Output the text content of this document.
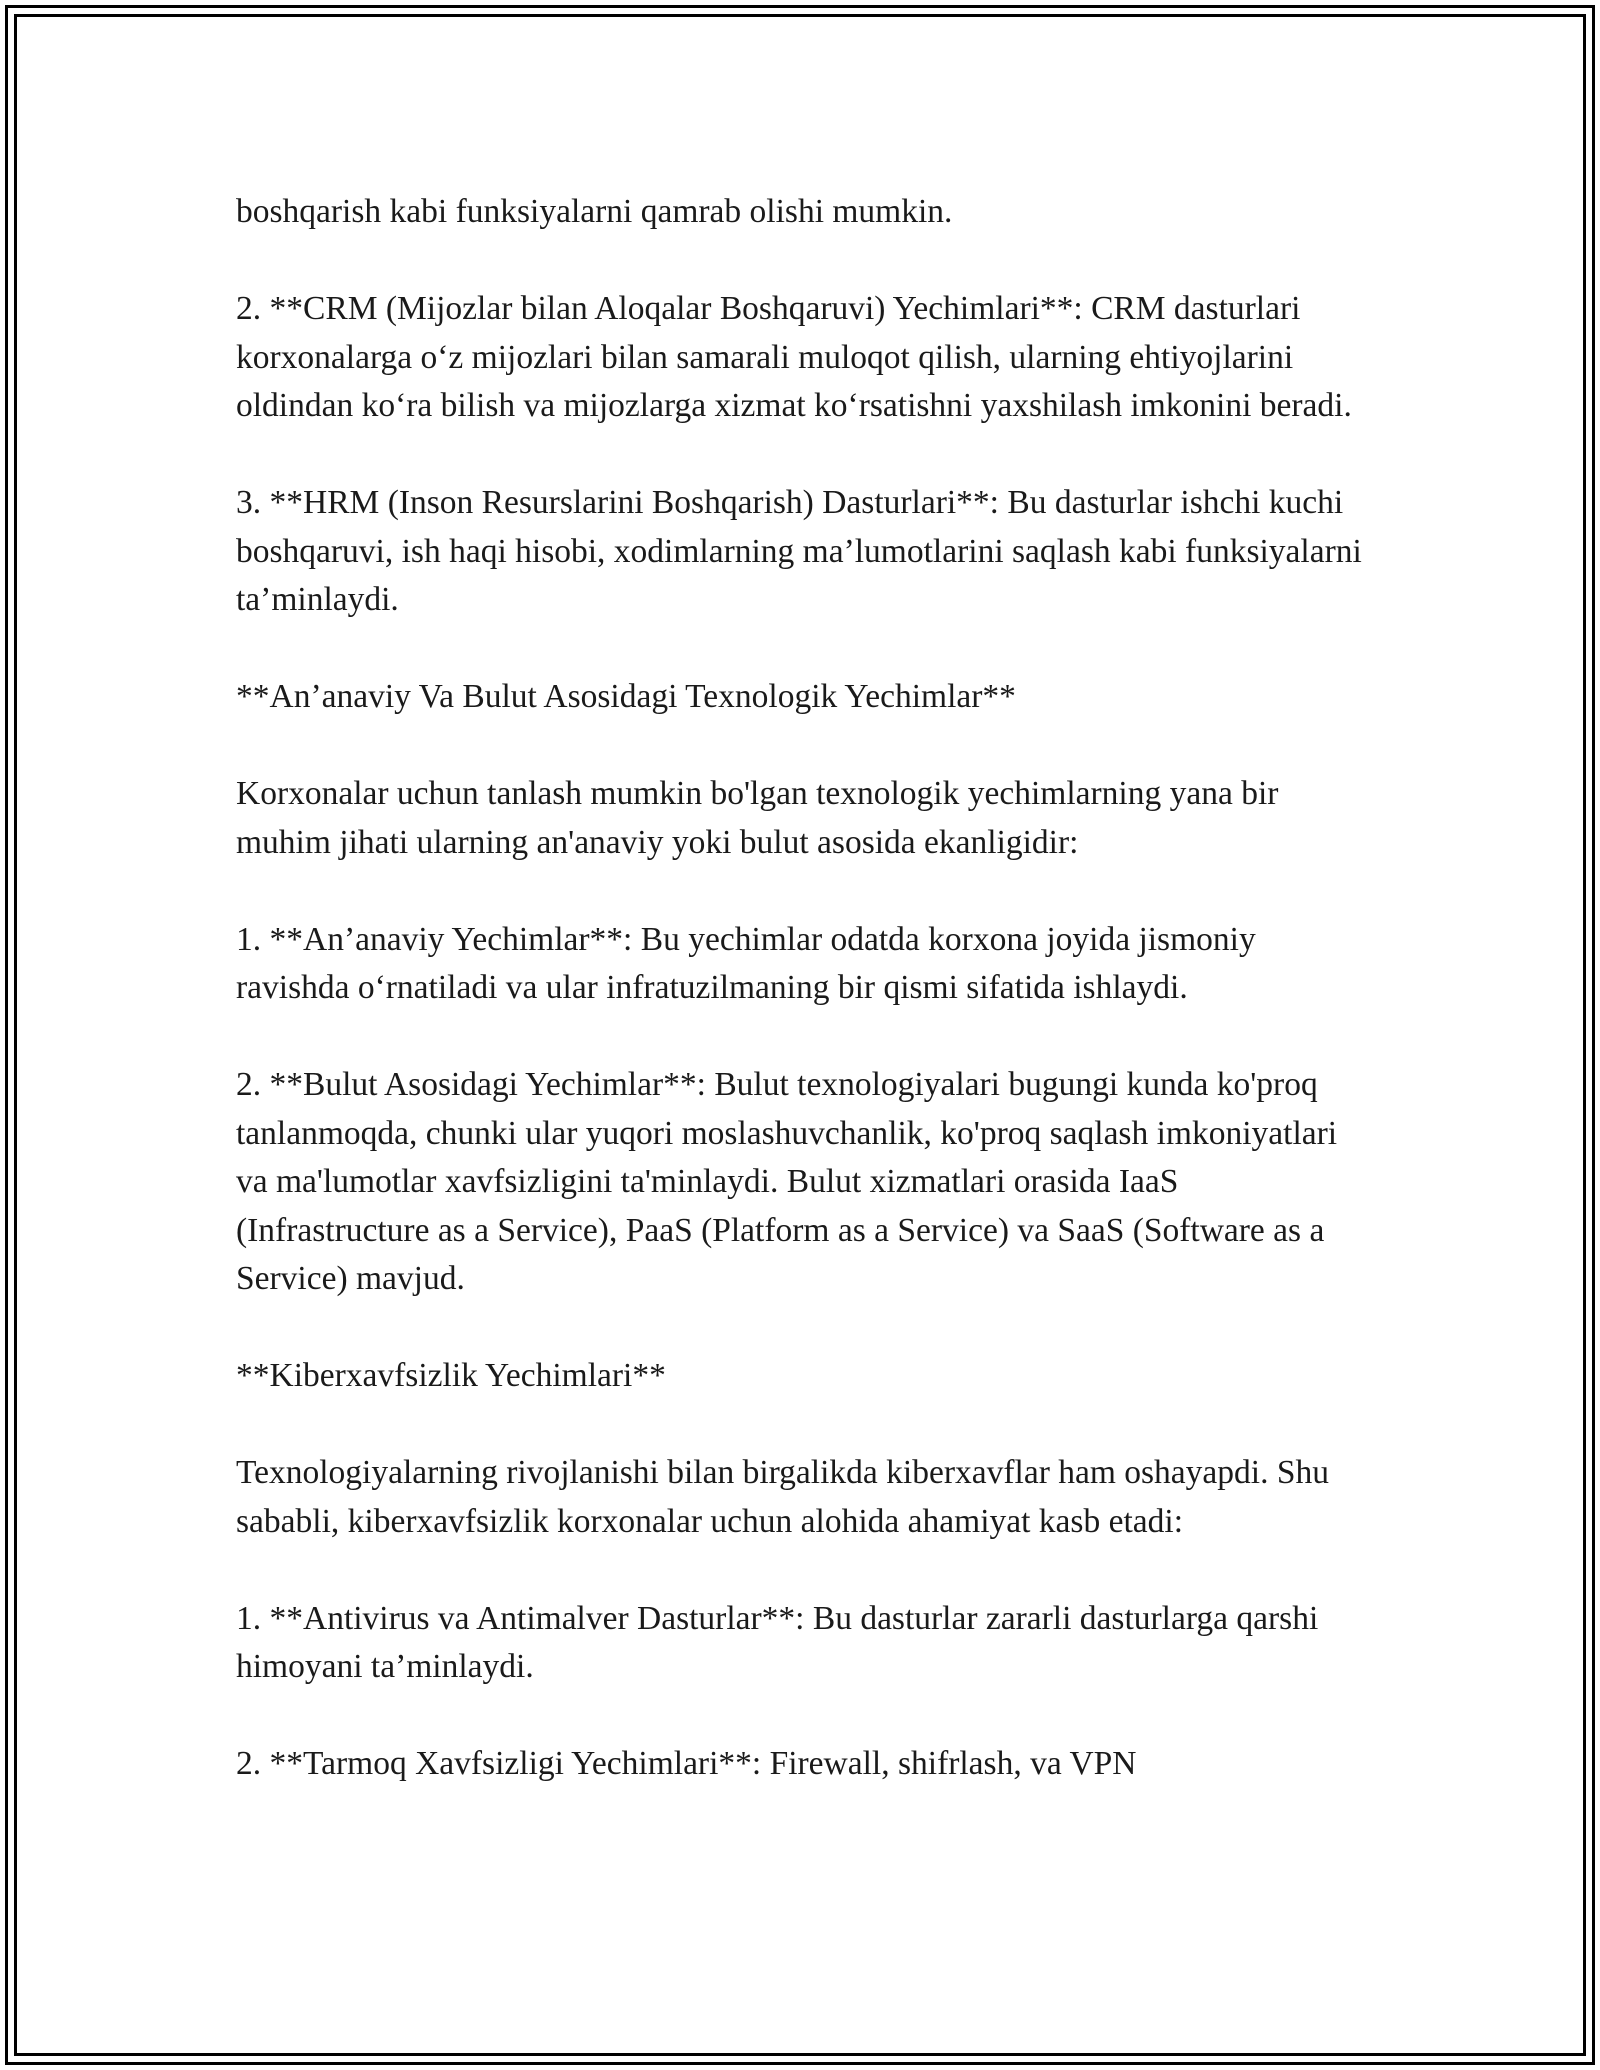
boshqarish kabi funksiyalarni qamrab olishi mumkin.

2. **CRM (Mijozlar bilan Aloqalar Boshqaruvi) Yechimlari**: CRM dasturlari korxonalarga o‘z mijozlari bilan samarali muloqot qilish, ularning ehtiyojlarini oldindan ko‘ra bilish va mijozlarga xizmat ko‘rsatishni yaxshilash imkonini beradi.

3. **HRM (Inson Resurslarini Boshqarish) Dasturlari**: Bu dasturlar ishchi kuchi boshqaruvi, ish haqi hisobi, xodimlarning ma’lumotlarini saqlash kabi funksiyalarni ta’minlaydi.

**An’anaviy Va Bulut Asosidagi Texnologik Yechimlar**

Korxonalar uchun tanlash mumkin bo'lgan texnologik yechimlarning yana bir muhim jihati ularning an'anaviy yoki bulut asosida ekanligidir:

1. **An’anaviy Yechimlar**: Bu yechimlar odatda korxona joyida jismoniy ravishda o‘rnatiladi va ular infratuzilmaning bir qismi sifatida ishlaydi.

2. **Bulut Asosidagi Yechimlar**: Bulut texnologiyalari bugungi kunda ko'proq tanlanmoqda, chunki ular yuqori moslashuvchanlik, ko'proq saqlash imkoniyatlari va ma'lumotlar xavfsizligini ta'minlaydi. Bulut xizmatlari orasida IaaS (Infrastructure as a Service), PaaS (Platform as a Service) va SaaS (Software as a Service) mavjud.

**Kiberxavfsizlik Yechimlari**

Texnologiyalarning rivojlanishi bilan birgalikda kiberxavflar ham oshayapdi. Shu sababli, kiberxavfsizlik korxonalar uchun alohida ahamiyat kasb etadi:

1. **Antivirus va Antimalver Dasturlar**: Bu dasturlar zararli dasturlarga qarshi himoyani ta’minlaydi.

2. **Tarmoq Xavfsizligi Yechimlari**: Firewall, shifrlash, va VPN
